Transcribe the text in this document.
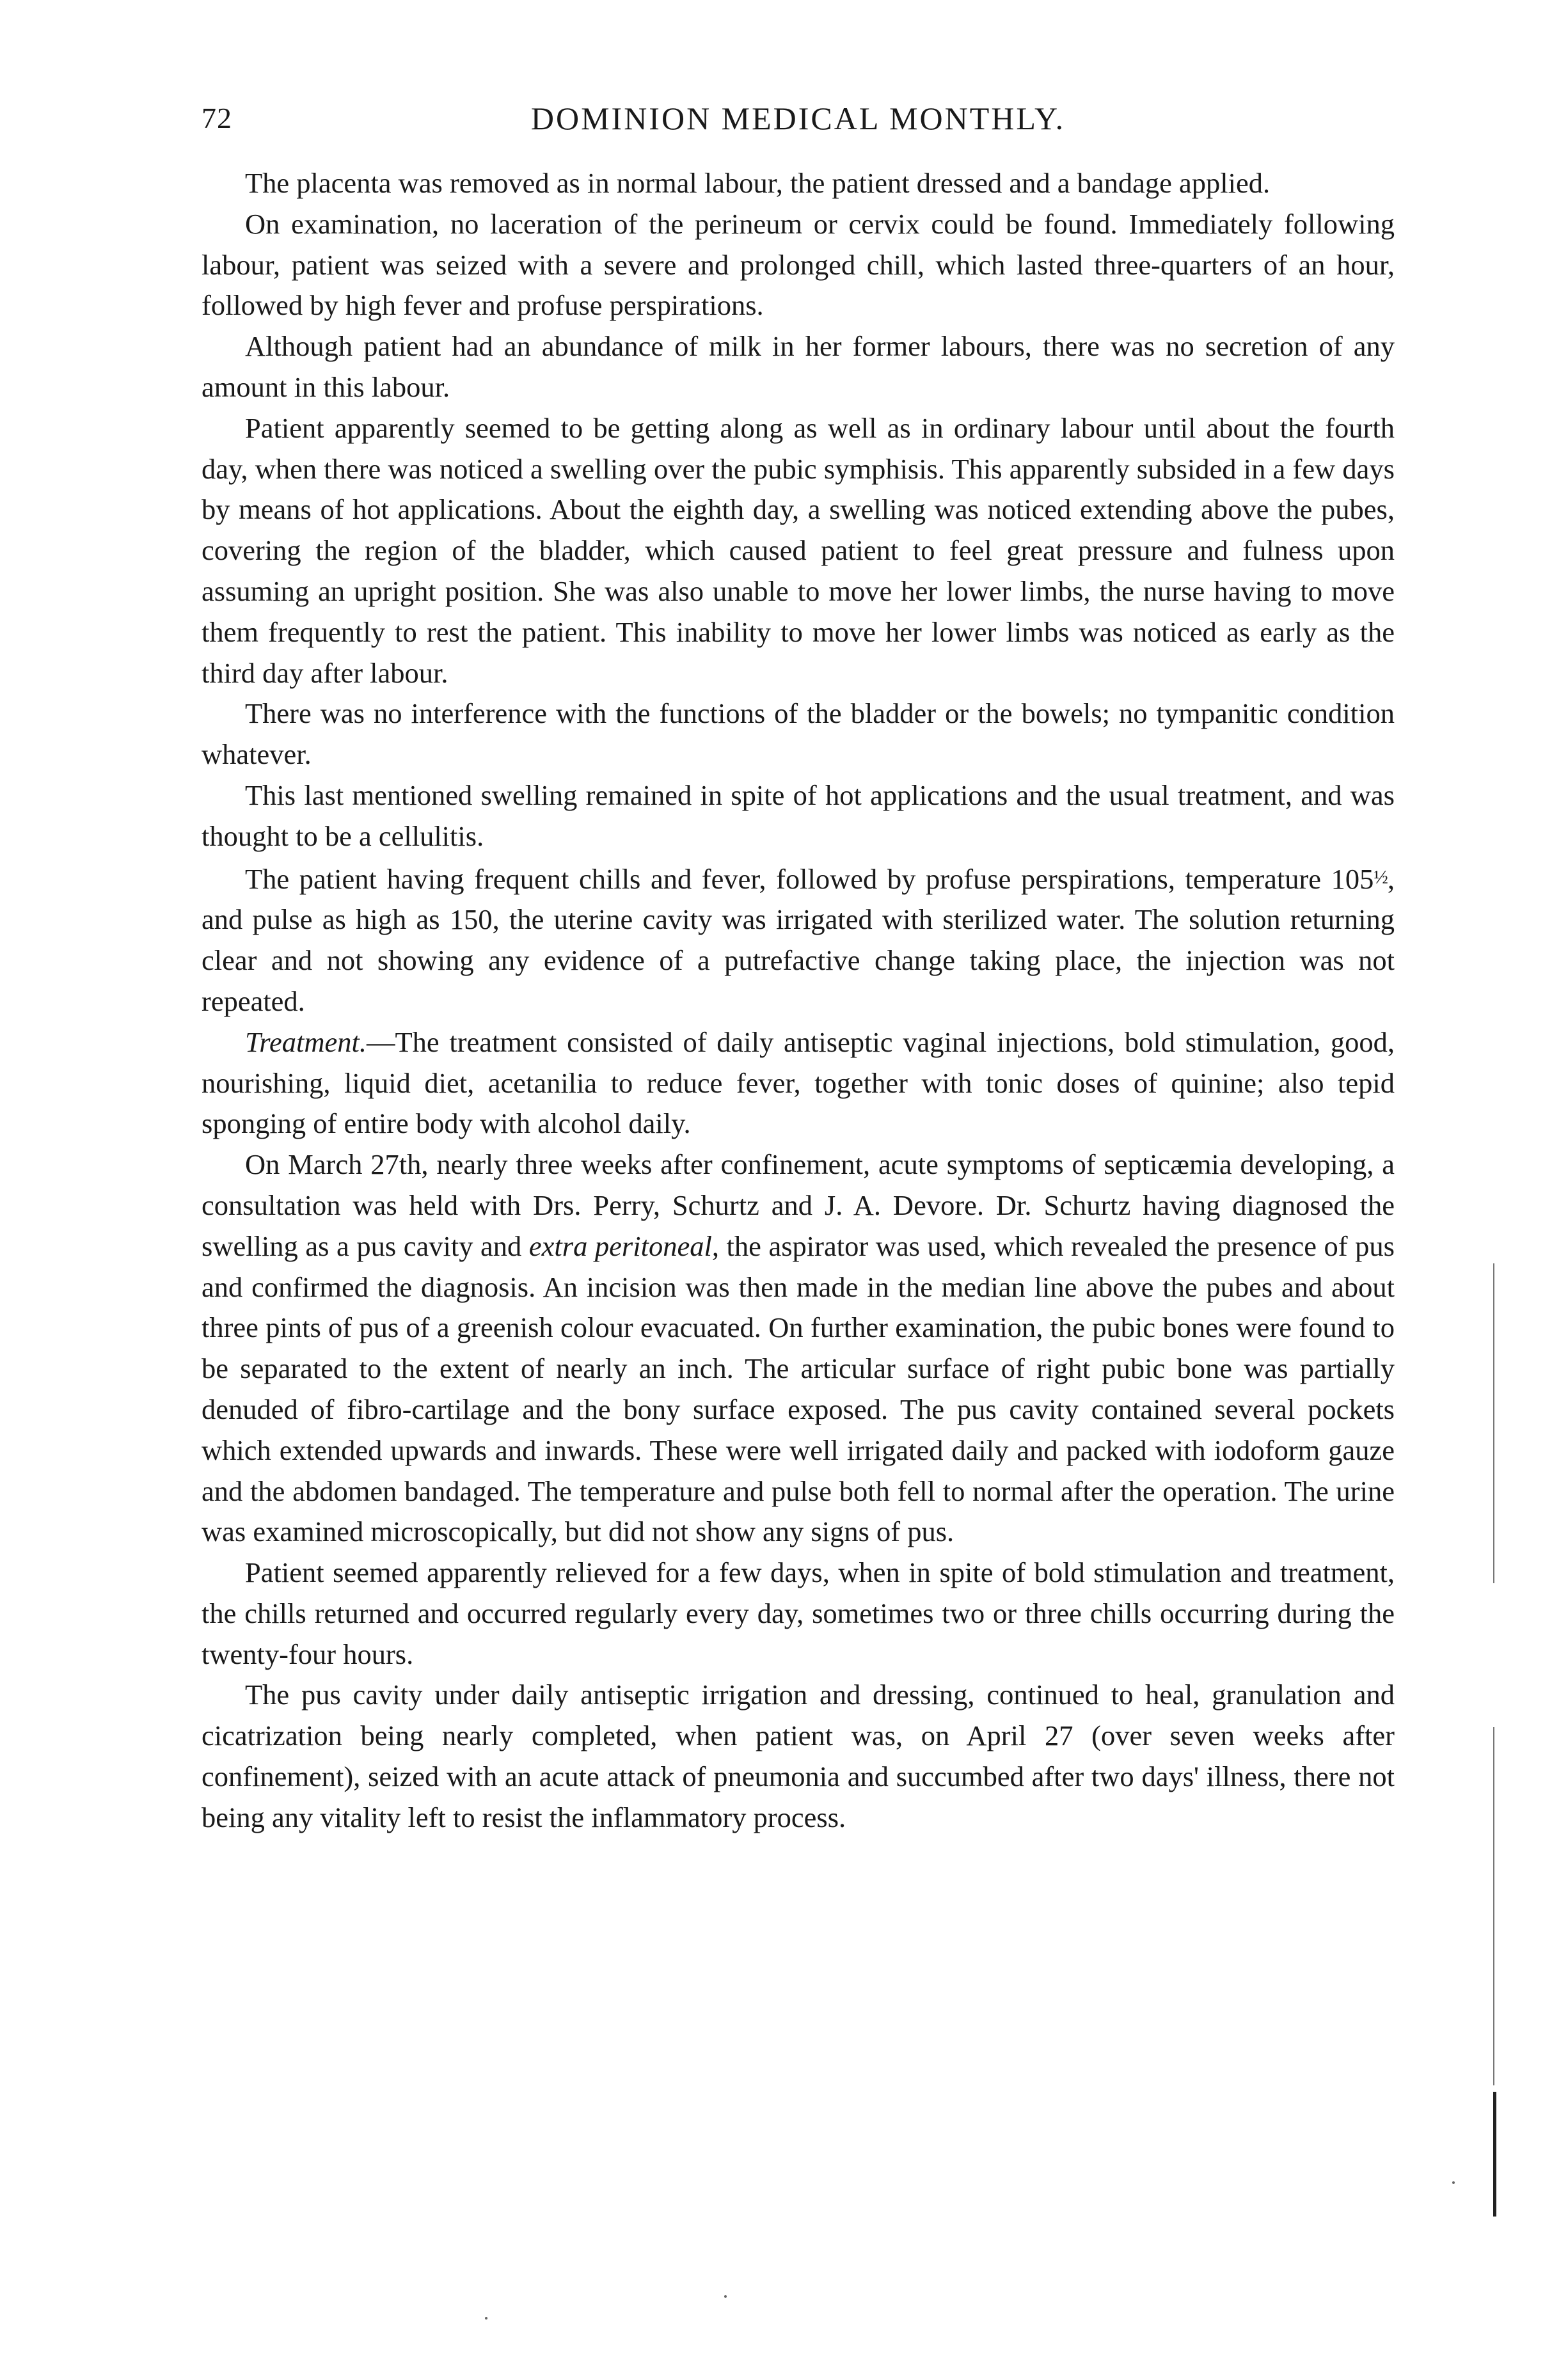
72	DOMINION MEDICAL MONTHLY.

The placenta was removed as in normal labour, the patient dressed and a bandage applied.

On examination, no laceration of the perineum or cervix could be found. Immediately following labour, patient was seized with a severe and prolonged chill, which lasted three-quarters of an hour, followed by high fever and profuse perspirations.

Although patient had an abundance of milk in her former labours, there was no secretion of any amount in this labour.

Patient apparently seemed to be getting along as well as in ordinary labour until about the fourth day, when there was noticed a swelling over the pubic symphisis. This apparently subsided in a few days by means of hot applications. About the eighth day, a swelling was noticed extending above the pubes, covering the region of the bladder, which caused patient to feel great pressure and fulness upon assuming an upright position. She was also unable to move her lower limbs, the nurse having to move them frequently to rest the patient. This inability to move her lower limbs was noticed as early as the third day after labour.

There was no interference with the functions of the bladder or the bowels; no tympanitic condition whatever.

This last mentioned swelling remained in spite of hot applications and the usual treatment, and was thought to be a cellulitis.

The patient having frequent chills and fever, followed by profuse perspirations, temperature 105½, and pulse as high as 150, the uterine cavity was irrigated with sterilized water. The solution returning clear and not showing any evidence of a putrefactive change taking place, the injection was not repeated.

Treatment.—The treatment consisted of daily antiseptic vaginal injections, bold stimulation, good, nourishing, liquid diet, acetanilia to reduce fever, together with tonic doses of quinine; also tepid sponging of entire body with alcohol daily.

On March 27th, nearly three weeks after confinement, acute symptoms of septicæmia developing, a consultation was held with Drs. Perry, Schurtz and J. A. Devore. Dr. Schurtz having diagnosed the swelling as a pus cavity and extra peritoneal, the aspirator was used, which revealed the presence of pus and confirmed the diagnosis. An incision was then made in the median line above the pubes and about three pints of pus of a greenish colour evacuated. On further examination, the pubic bones were found to be separated to the extent of nearly an inch. The articular surface of right pubic bone was partially denuded of fibro-cartilage and the bony surface exposed. The pus cavity contained several pockets which extended upwards and inwards. These were well irrigated daily and packed with iodoform gauze and the abdomen bandaged. The temperature and pulse both fell to normal after the operation. The urine was examined microscopically, but did not show any signs of pus.

Patient seemed apparently relieved for a few days, when in spite of bold stimulation and treatment, the chills returned and occurred regularly every day, sometimes two or three chills occurring during the twenty-four hours.

The pus cavity under daily antiseptic irrigation and dressing, continued to heal, granulation and cicatrization being nearly completed, when patient was, on April 27 (over seven weeks after confinement), seized with an acute attack of pneumonia and succumbed after two days' illness, there not being any vitality left to resist the inflammatory process.
